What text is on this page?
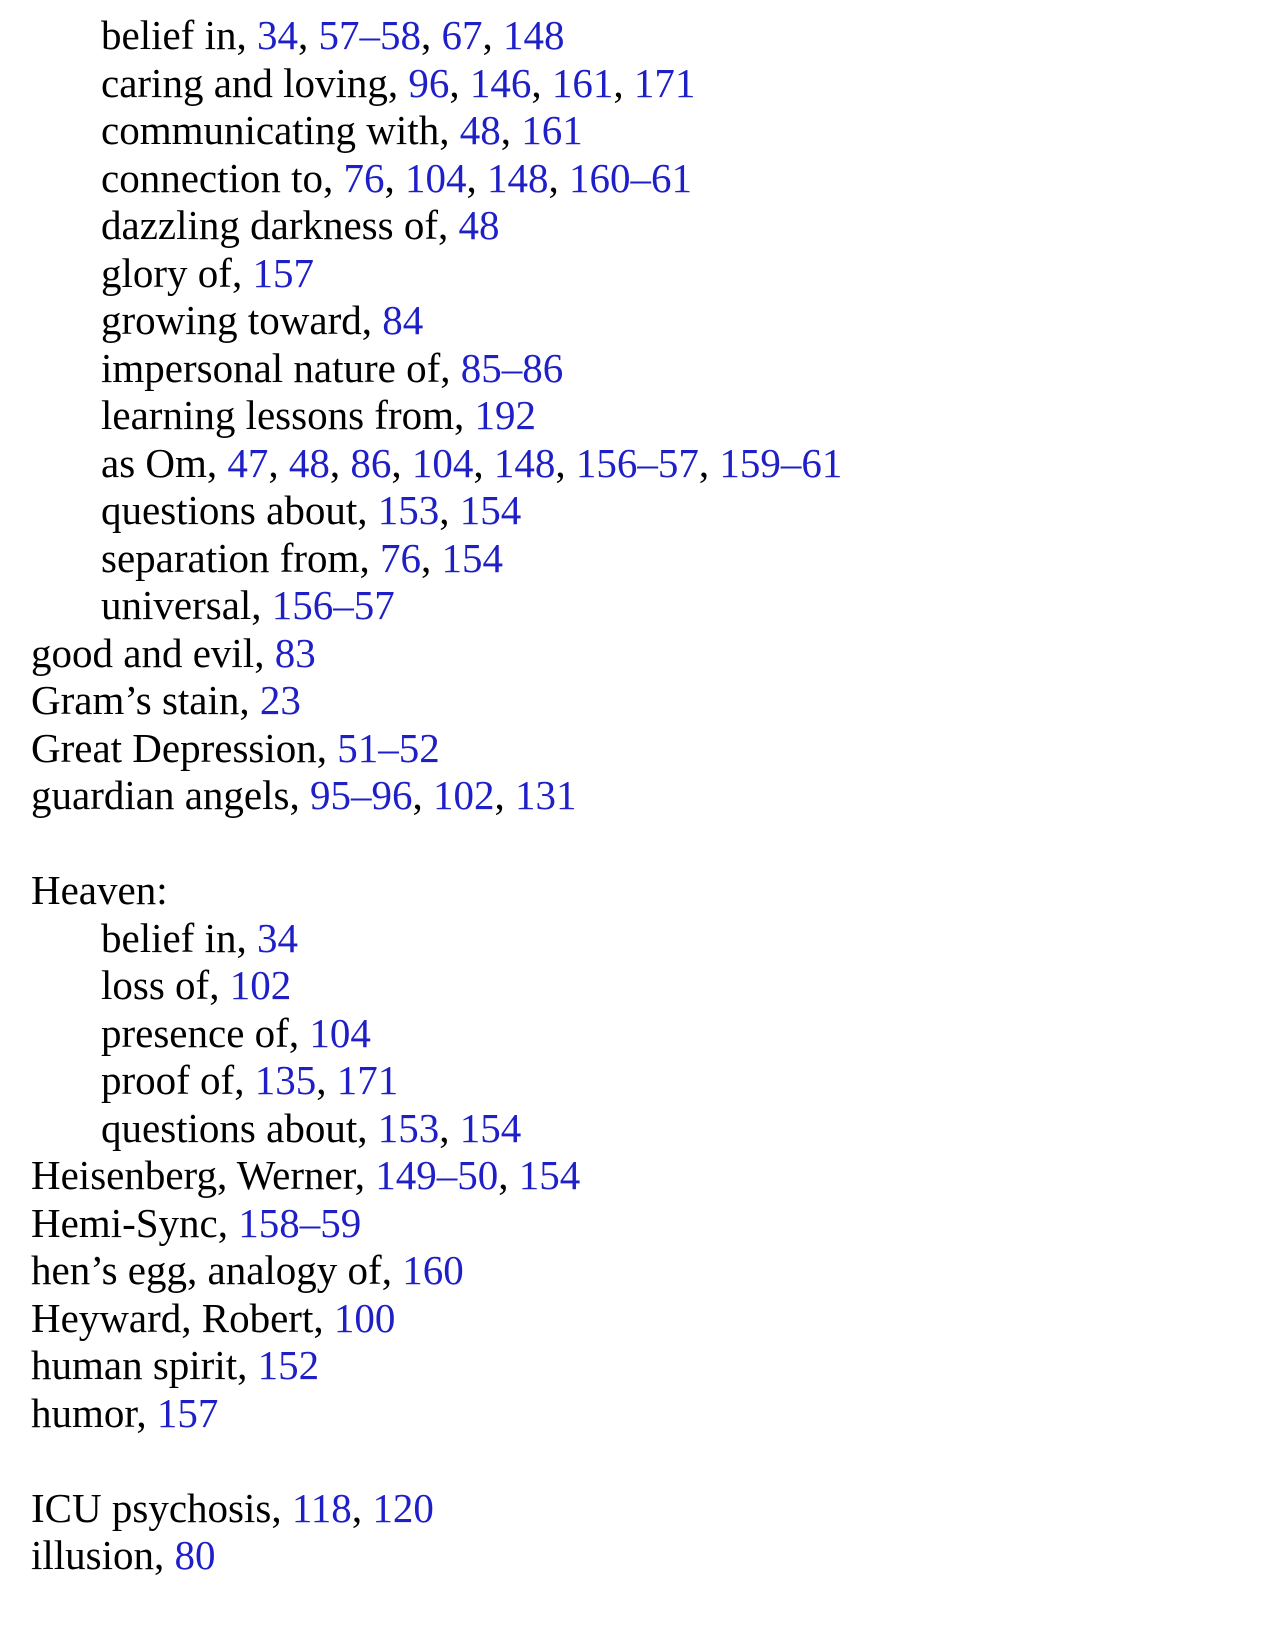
belief in, 34, 57–58, 67, 148
caring and loving, 96, 146, 161, 171
communicating with, 48, 161
connection to, 76, 104, 148, 160–61
dazzling darkness of, 48
glory of, 157
growing toward, 84
impersonal nature of, 85–86
learning lessons from, 192
as Om, 47, 48, 86, 104, 148, 156–57, 159–61
questions about, 153, 154
separation from, 76, 154
universal, 156–57
good and evil, 83
Gram’s stain, 23
Great Depression, 51–52
guardian angels, 95–96, 102, 131
Heaven:
belief in, 34
loss of, 102
presence of, 104
proof of, 135, 171
questions about, 153, 154
Heisenberg, Werner, 149–50, 154
Hemi-Sync, 158–59
hen’s egg, analogy of, 160
Heyward, Robert, 100
human spirit, 152
humor, 157
ICU psychosis, 118, 120
illusion, 80
